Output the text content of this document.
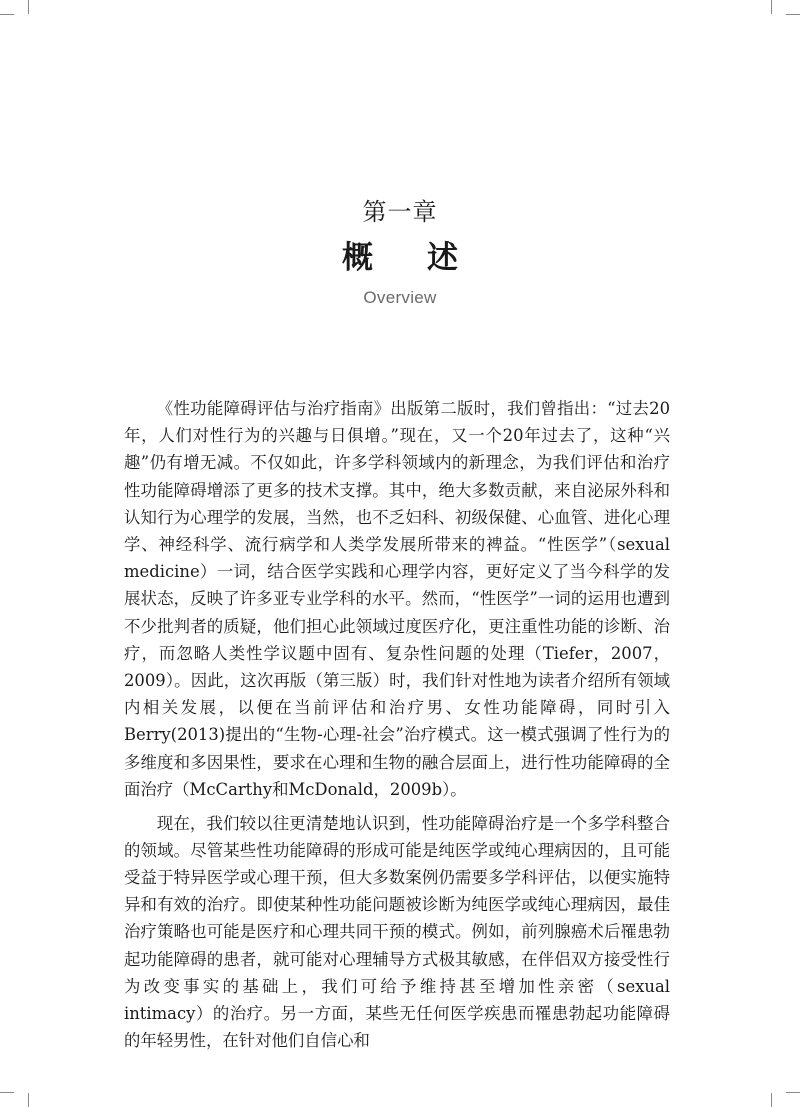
第一章
概述
Overview

《性功能障碍评估与治疗指南》出版第二版时，我们曾指出：“过去20年，人们对性行为的兴趣与日俱增。”现在，又一个20年过去了，这种“兴趣”仍有增无减。不仅如此，许多学科领域内的新理念，为我们评估和治疗性功能障碍增添了更多的技术支撑。其中，绝大多数贡献，来自泌尿外科和认知行为心理学的发展，当然，也不乏妇科、初级保健、心血管、进化心理学、神经科学、流行病学和人类学发展所带来的裨益。“性医学”（sexual medicine）一词，结合医学实践和心理学内容，更好定义了当今科学的发展状态，反映了许多亚专业学科的水平。然而，“性医学”一词的运用也遭到不少批判者的质疑，他们担心此领域过度医疗化，更注重性功能的诊断、治疗，而忽略人类性学议题中固有、复杂性问题的处理（Tiefer，2007，2009）。因此，这次再版（第三版）时，我们针对性地为读者介绍所有领域内相关发展，以便在当前评估和治疗男、女性功能障碍，同时引入Berry(2013)提出的“生物-心理-社会”治疗模式。这一模式强调了性行为的多维度和多因果性，要求在心理和生物的融合层面上，进行性功能障碍的全面治疗（McCarthy和McDonald，2009b）。

现在，我们较以往更清楚地认识到，性功能障碍治疗是一个多学科整合的领域。尽管某些性功能障碍的形成可能是纯医学或纯心理病因的，且可能受益于特异医学或心理干预，但大多数案例仍需要多学科评估，以便实施特异和有效的治疗。即使某种性功能问题被诊断为纯医学或纯心理病因，最佳治疗策略也可能是医疗和心理共同干预的模式。例如，前列腺癌术后罹患勃起功能障碍的患者，就可能对心理辅导方式极其敏感，在伴侣双方接受性行为改变事实的基础上，我们可给予维持甚至增加性亲密（sexual intimacy）的治疗。另一方面，某些无任何医学疾患而罹患勃起功能障碍的年轻男性，在针对他们自信心和
